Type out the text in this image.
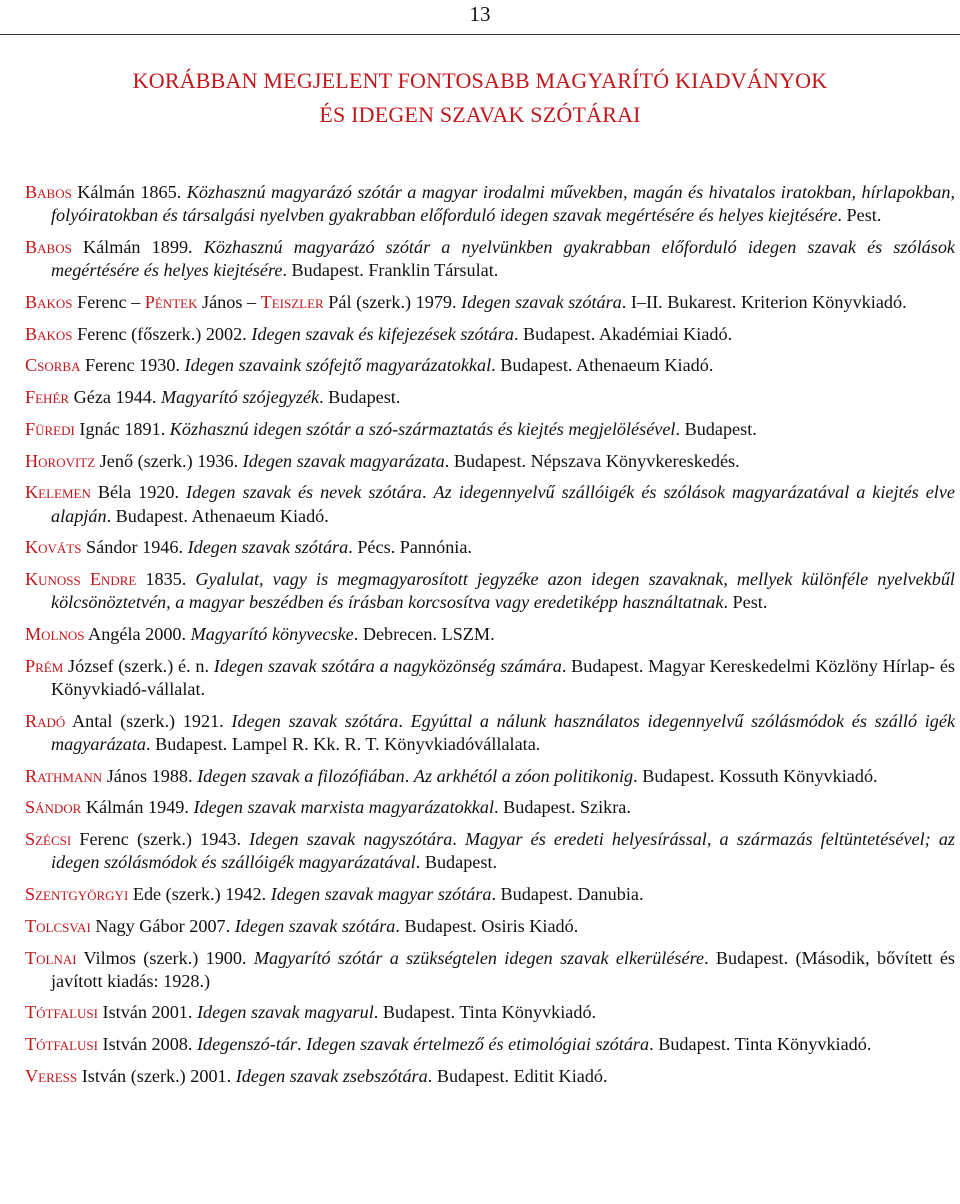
13
KORÁBBAN MEGJELENT FONTOSABB MAGYARÍTÓ KIADVÁNYOK
ÉS IDEGEN SZAVAK SZÓTÁRAI
Babos Kálmán 1865. Közhasznú magyarázó szótár a magyar irodalmi művekben, magán és hivatalos iratokban, hírlapokban, folyóiratokban és társalgási nyelvben gyakrabban előforduló idegen szavak megértésére és helyes kiejtésére. Pest.
Babos Kálmán 1899. Közhasznú magyarázó szótár a nyelvünkben gyakrabban előforduló idegen szavak és szólások megértésére és helyes kiejtésére. Budapest. Franklin Társulat.
Bakos Ferenc – Péntek János – Teiszler Pál (szerk.) 1979. Idegen szavak szótára. I–II. Bukarest. Kriterion Könyvkiadó.
Bakos Ferenc (főszerk.) 2002. Idegen szavak és kifejezések szótára. Budapest. Akadémiai Kiadó.
Csorba Ferenc 1930. Idegen szavaink szófejtő magyarázatokkal. Budapest. Athenaeum Kiadó.
Fehér Géza 1944. Magyarító szójegyzék. Budapest.
Füredi Ignác 1891. Közhasznú idegen szótár a szó-származtatás és kiejtés megjelölésével. Budapest.
Horovitz Jenő (szerk.) 1936. Idegen szavak magyarázata. Budapest. Népszava Könyvkereskedés.
Kelemen Béla 1920. Idegen szavak és nevek szótára. Az idegennyelvű szállóigék és szólások magyarázatával a kiejtés elve alapján. Budapest. Athenaeum Kiadó.
Kováts Sándor 1946. Idegen szavak szótára. Pécs. Pannónia.
Kunoss Endre 1835. Gyalulat, vagy is megmagyarosított jegyzéke azon idegen szavaknak, mellyek különféle nyelvekbűl kölcsönöztetvén, a magyar beszédben és írásban korcsosítva vagy eredetiképp használtatnak. Pest.
Molnos Angéla 2000. Magyarító könyvecske. Debrecen. LSZM.
Prém József (szerk.) é. n. Idegen szavak szótára a nagyközönség számára. Budapest. Magyar Kereskedelmi Közlöny Hírlap- és Könyvkiadó-vállalat.
Radó Antal (szerk.) 1921. Idegen szavak szótára. Egyúttal a nálunk használatos idegennyelvű szólásmódok és szálló igék magyarázata. Budapest. Lampel R. Kk. R. T. Könyvkiadóvállalata.
Rathmann János 1988. Idegen szavak a filozófiában. Az arkhétól a zóon politikonig. Budapest. Kossuth Könyvkiadó.
Sándor Kálmán 1949. Idegen szavak marxista magyarázatokkal. Budapest. Szikra.
Szécsi Ferenc (szerk.) 1943. Idegen szavak nagyszótára. Magyar és eredeti helyesírással, a származás feltüntetésével; az idegen szólásmódok és szállóigék magyarázatával. Budapest.
Szentgyörgyi Ede (szerk.) 1942. Idegen szavak magyar szótára. Budapest. Danubia.
Tolcsvai Nagy Gábor 2007. Idegen szavak szótára. Budapest. Osiris Kiadó.
Tolnai Vilmos (szerk.) 1900. Magyarító szótár a szükségtelen idegen szavak elkerülésére. Budapest. (Második, bővített és javított kiadás: 1928.)
Tótfalusi István 2001. Idegen szavak magyarul. Budapest. Tinta Könyvkiadó.
Tótfalusi István 2008. Idegenszó-tár. Idegen szavak értelmező és etimológiai szótára. Budapest. Tinta Könyvkiadó.
Veress István (szerk.) 2001. Idegen szavak zsebszótára. Budapest. Editit Kiadó.
